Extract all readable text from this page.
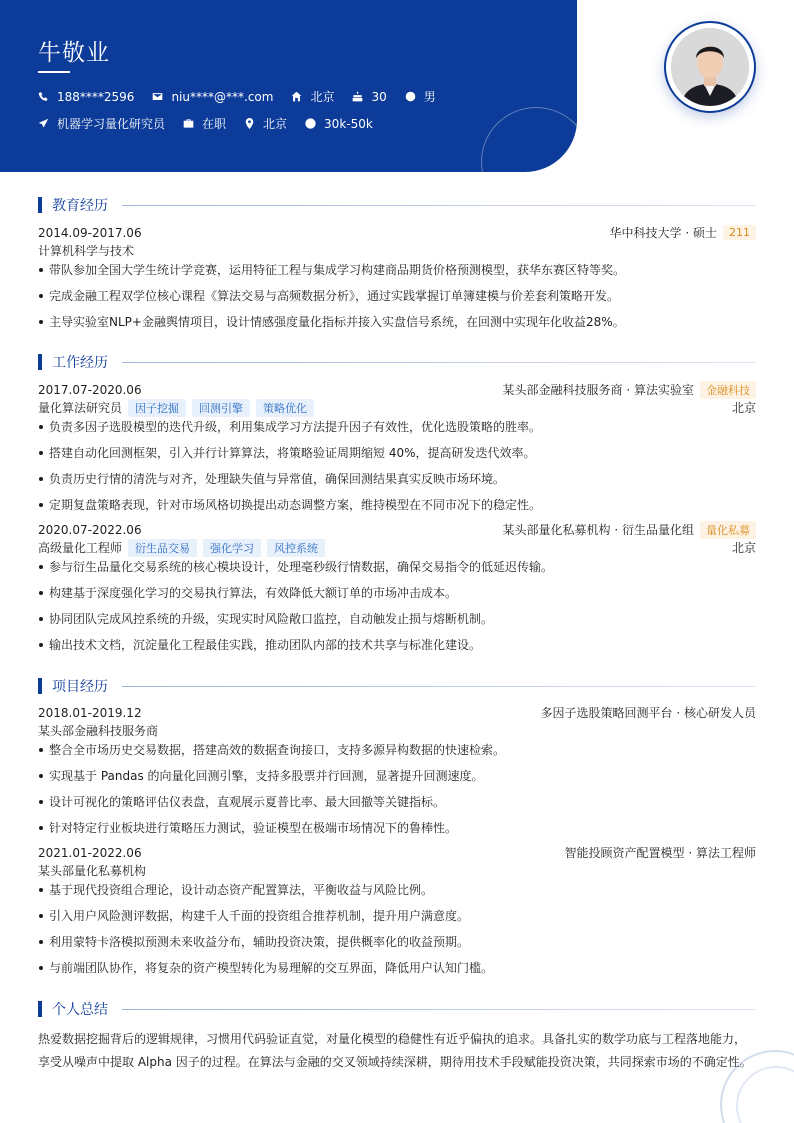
牛敬业
188****2596	niu****@***.com	北京	30	男
机器学习量化研究员	在职	北京	30k-50k
教育经历
2014.09-2017.06	华中科技大学 · 硕士	211
计算机科学与技术
带队参加全国大学生统计学竞赛，运用特征工程与集成学习构建商品期货价格预测模型，获华东赛区特等奖。
完成金融工程双学位核心课程《算法交易与高频数据分析》，通过实践掌握订单簿建模与价差套利策略开发。
主导实验室NLP+金融舆情项目，设计情感强度量化指标并接入实盘信号系统，在回测中实现年化收益28%。
工作经历
2017.07-2020.06	某头部金融科技服务商 · 算法实验室	金融科技
量化算法研究员	因子挖掘	回测引擎	策略优化	北京
负责多因子选股模型的迭代升级，利用集成学习方法提升因子有效性，优化选股策略的胜率。
搭建自动化回测框架，引入并行计算算法，将策略验证周期缩短 40%，提高研发迭代效率。
负责历史行情的清洗与对齐，处理缺失值与异常值，确保回测结果真实反映市场环境。
定期复盘策略表现，针对市场风格切换提出动态调整方案，维持模型在不同市况下的稳定性。
2020.07-2022.06	某头部量化私募机构 · 衍生品量化组	量化私募
高级量化工程师	衍生品交易	强化学习	风控系统	北京
参与衍生品量化交易系统的核心模块设计，处理毫秒级行情数据，确保交易指令的低延迟传输。
构建基于深度强化学习的交易执行算法，有效降低大额订单的市场冲击成本。
协同团队完成风控系统的升级，实现实时风险敞口监控，自动触发止损与熔断机制。
输出技术文档，沉淀量化工程最佳实践，推动团队内部的技术共享与标准化建设。
项目经历
2018.01-2019.12	多因子选股策略回测平台 · 核心研发人员
某头部金融科技服务商
整合全市场历史交易数据，搭建高效的数据查询接口，支持多源异构数据的快速检索。
实现基于 Pandas 的向量化回测引擎，支持多股票并行回测，显著提升回测速度。
设计可视化的策略评估仪表盘，直观展示夏普比率、最大回撤等关键指标。
针对特定行业板块进行策略压力测试，验证模型在极端市场情况下的鲁棒性。
2021.01-2022.06	智能投顾资产配置模型 · 算法工程师
某头部量化私募机构
基于现代投资组合理论，设计动态资产配置算法，平衡收益与风险比例。
引入用户风险测评数据，构建千人千面的投资组合推荐机制，提升用户满意度。
利用蒙特卡洛模拟预测未来收益分布，辅助投资决策，提供概率化的收益预期。
与前端团队协作，将复杂的资产模型转化为易理解的交互界面，降低用户认知门槛。
个人总结
热爱数据挖掘背后的逻辑规律，习惯用代码验证直觉，对量化模型的稳健性有近乎偏执的追求。具备扎实的数学功底与工程落地能力，
享受从噪声中提取 Alpha 因子的过程。在算法与金融的交叉领域持续深耕，期待用技术手段赋能投资决策，共同探索市场的不确定性。
